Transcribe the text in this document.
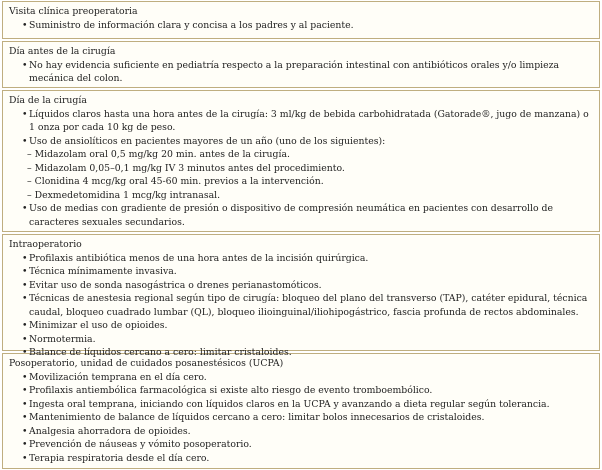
Visita clínica preoperatoria
• Suministro de información clara y concisa a los padres y al paciente.
Día antes de la cirugía
• No hay evidencia suficiente en pediatría respecto a la preparación intestinal con antibióticos orales y/o limpieza mecánica del colon.
Día de la cirugía
• Líquidos claros hasta una hora antes de la cirugía: 3 ml/kg de bebida carbohidratada (Gatorade®, jugo de manzana) o 1 onza por cada 10 kg de peso.
• Uso de ansiolíticos en pacientes mayores de un año (uno de los siguientes):
– Midazolam oral 0,5 mg/kg 20 min. antes de la cirugía.
– Midazolam 0,05–0,1 mg/kg IV 3 minutos antes del procedimiento.
– Clonidina 4 mcg/kg oral 45-60 min. previos a la intervención.
– Dexmedetomidina 1 mcg/kg intranasal.
• Uso de medias con gradiente de presión o dispositivo de compresión neumática en pacientes con desarrollo de caracteres sexuales secundarios.
Intraoperatorio
• Profilaxis antibiótica menos de una hora antes de la incisión quirúrgica.
• Técnica mínimamente invasiva.
• Evitar uso de sonda nasogástrica o drenes perianastomóticos.
• Técnicas de anestesia regional según tipo de cirugía: bloqueo del plano del transverso (TAP), catéter epidural, técnica caudal, bloqueo cuadrado lumbar (QL), bloqueo ilioinguinal/iliohipogástrico, fascia profunda de rectos abdominales.
• Minimizar el uso de opioides.
• Normotermia.
• Balance de líquidos cercano a cero: limitar cristaloides.
Posoperatorio, unidad de cuidados posanestésicos (UCPA)
• Movilización temprana en el día cero.
• Profilaxis antiembólica farmacológica si existe alto riesgo de evento tromboembólico.
• Ingesta oral temprana, iniciando con líquidos claros en la UCPA y avanzando a dieta regular según tolerancia.
• Mantenimiento de balance de líquidos cercano a cero: limitar bolos innecesarios de cristaloides.
• Analgesia ahorradora de opioides.
• Prevención de náuseas y vómito posoperatorio.
• Terapia respiratoria desde el día cero.
